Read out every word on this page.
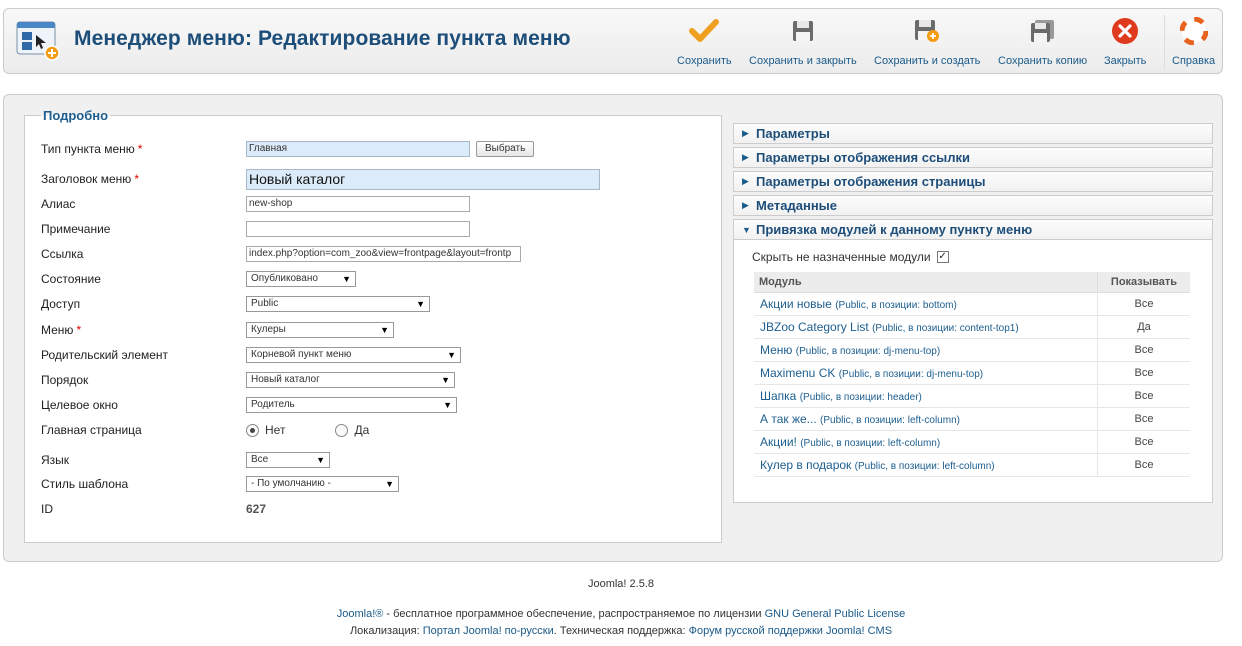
Менеджер меню: Редактирование пункта меню
Сохранить Сохранить и закрыть Сохранить и создать Сохранить копию Закрыть Справка
Подробно
Тип пункта меню *	Главная	Выбрать
Заголовок меню *	Новый каталог
Алиас	new-shop
Примечание
Ссылка	index.php?option=com_zoo&view=frontpage&layout=frontp
Состояние	Опубликовано	▼
Доступ	Public	▼
Меню *	Кулеры	▼
Родительский элемент	Корневой пункт меню	▼
Порядок	Новый каталог	▼
Целевое окно	Родитель	▼
Главная страница	Нет	Да
Язык	Все	▼
Стиль шаблона	- По умолчанию -	▼
ID	627
▶ Параметры
▶ Параметры отображения ссылки
▶ Параметры отображения страницы
▶ Метаданные
▼ Привязка модулей к данному пункту меню
Скрыть не назначенные модули ✓
Модуль	Показывать
Акции новые (Public, в позиции: bottom)	Все
JBZoo Category List (Public, в позиции: content-top1)	Да
Меню (Public, в позиции: dj-menu-top)	Все
Maximenu CK (Public, в позиции: dj-menu-top)	Все
Шапка (Public, в позиции: header)	Все
А так же... (Public, в позиции: left-column)	Все
Акции! (Public, в позиции: left-column)	Все
Кулер в подарок (Public, в позиции: left-column)	Все
Joomla! 2.5.8
Joomla!® - бесплатное программное обеспечение, распространяемое по лицензии GNU General Public License
Локализация: Портал Joomla! по-русски. Техническая поддержка: Форум русской поддержки Joomla! CMS
